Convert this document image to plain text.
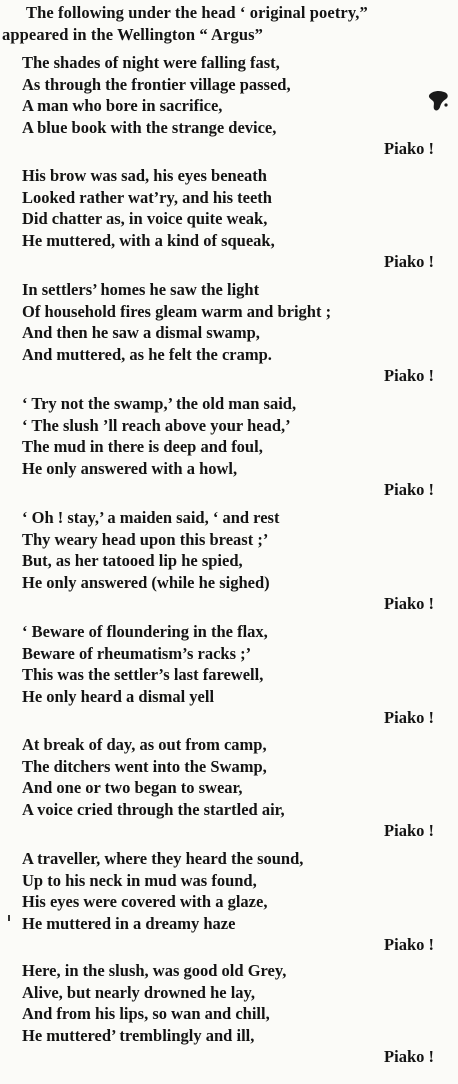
The following under the head ‘ original poetry,”
appeared in the Wellington “ Argus”
The shades of night were falling fast,
As through the frontier village passed,
A man who bore in sacrifice,
A blue book with the strange device,
Piako !
His brow was sad, his eyes beneath
Looked rather wat’ry, and his teeth
Did chatter as, in voice quite weak,
He muttered, with a kind of squeak,
Piako !
In settlers’ homes he saw the light
Of household fires gleam warm and bright ;
And then he saw a dismal swamp,
And muttered, as he felt the cramp.
Piako !
‘ Try not the swamp,’ the old man said,
‘ The slush ’ll reach above your head,’
The mud in there is deep and foul,
He only answered with a howl,
Piako !
‘ Oh ! stay,’ a maiden said, ‘ and rest
Thy weary head upon this breast ;’
But, as her tatooed lip he spied,
He only answered (while he sighed)
Piako !
‘ Beware of floundering in the flax,
Beware of rheumatism’s racks ;’
This was the settler’s last farewell,
He only heard a dismal yell
Piako !
At break of day, as out from camp,
The ditchers went into the Swamp,
And one or two began to swear,
A voice cried through the startled air,
Piako !
A traveller, where they heard the sound,
Up to his neck in mud was found,
His eyes were covered with a glaze,
He muttered in a dreamy haze
Piako !
Here, in the slush, was good old Grey,
Alive, but nearly drowned he lay,
And from his lips, so wan and chill,
He muttered’ tremblingly and ill,
Piako !
